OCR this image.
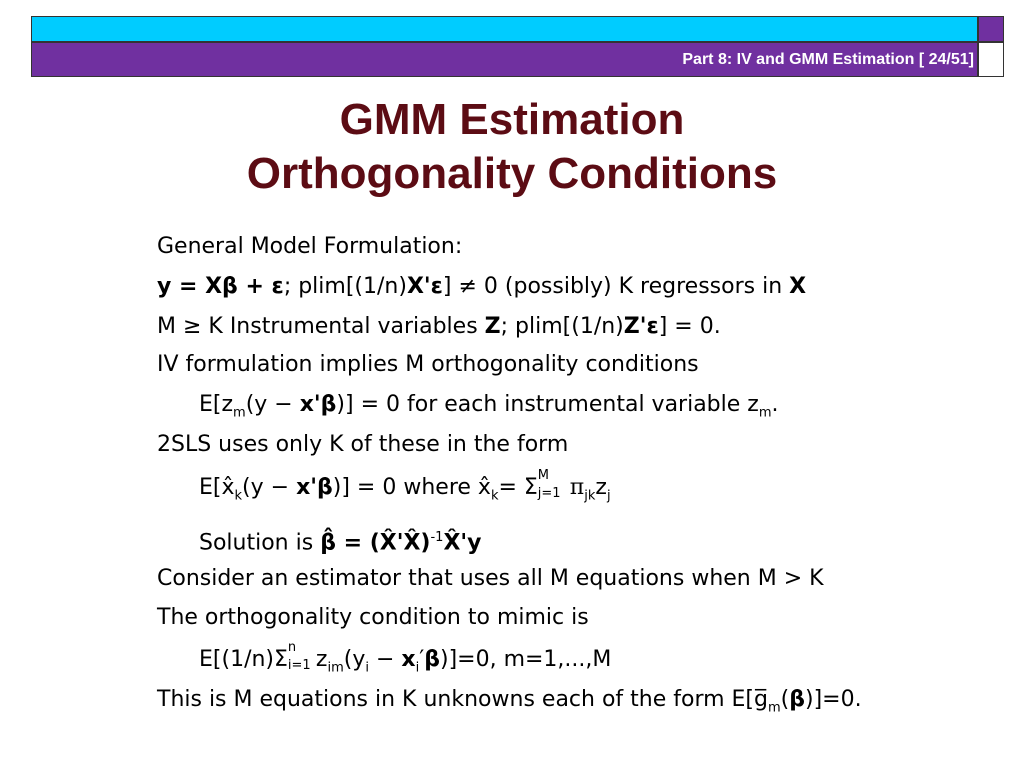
Part 8: IV and GMM Estimation [ 24/51]
GMM Estimation
Orthogonality Conditions
General Model Formulation:
y = Xβ + ε; plim[(1/n)X'ε] ≠ 0 (possibly) K regressors in X
M ≥ K Instrumental variables Z; plim[(1/n)Z'ε] = 0.
IV formulation implies M orthogonality conditions
$E[z_m(y - x'\beta)] = 0$ for each instrumental variable $z_m$.
2SLS uses only K of these in the form
$E[x̂_k(y - x'\beta)] = 0$ where $x̂_k= \Sigma$ M
j=1 $\pi_{jk}z_j$
Solution is β̂ = (X̂'X̂)$^{-1}$X̂'y
Consider an estimator that uses all M equations when M > K
The orthogonality condition to mimic is
E[(1/n)Σ n
i=1 $z_{im}(y_i - x_i'\beta)]=0$, m=1,...,M
This is M equations in K unknowns each of the form $E[g̅_m(\beta)]=0$.
